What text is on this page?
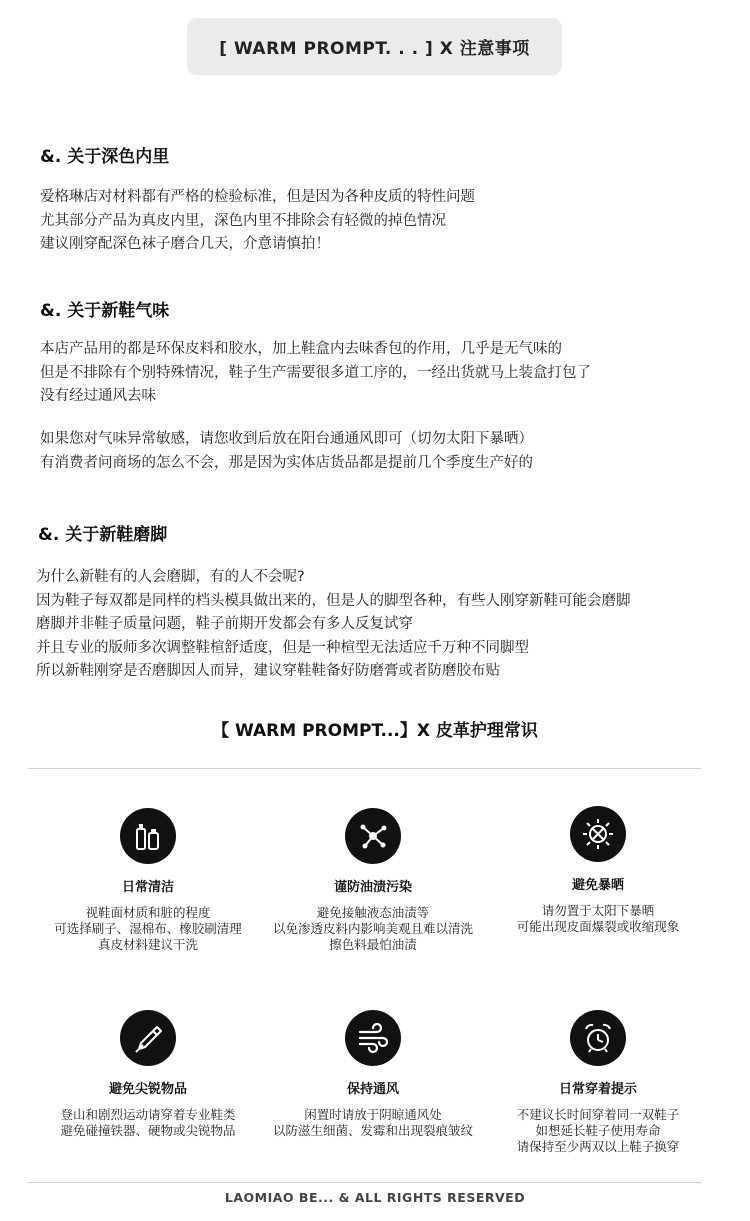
[ WARM PROMPT. . . ] X 注意事项
&. 关于深色内里
爱格琳店对材料都有严格的检验标准，但是因为各种皮质的特性问题
尤其部分产品为真皮内里，深色内里不排除会有轻微的掉色情况
建议刚穿配深色袜子磨合几天，介意请慎拍！
&. 关于新鞋气味
本店产品用的都是环保皮料和胶水，加上鞋盒内去味香包的作用，几乎是无气味的
但是不排除有个别特殊情况，鞋子生产需要很多道工序的，一经出货就马上装盒打包了
没有经过通风去味
如果您对气味异常敏感，请您收到后放在阳台通通风即可（切勿太阳下暴晒）
有消费者问商场的怎么不会，那是因为实体店货品都是提前几个季度生产好的
&. 关于新鞋磨脚
为什么新鞋有的人会磨脚，有的人不会呢?
因为鞋子每双都是同样的档头模具做出来的，但是人的脚型各种，有些人刚穿新鞋可能会磨脚
磨脚并非鞋子质量问题，鞋子前期开发都会有多人反复试穿
并且专业的版师多次调整鞋楦舒适度，但是一种楦型无法适应千万种不同脚型
所以新鞋刚穿是否磨脚因人而异，建议穿鞋鞋备好防磨膏或者防磨胶布贴
【 WARM PROMPT...】X 皮革护理常识
日常清洁
视鞋面材质和脏的程度
可选择刷子、湿棉布、橡胶刷清理
真皮材料建议干洗
谨防油渍污染
避免接触液态油渍等
以免渗透皮料内影响美观且难以清洗
擦色料最怕油渍
避免暴晒
请勿置于太阳下暴晒
可能出现皮面爆裂或收缩现象
避免尖锐物品
登山和剧烈运动请穿着专业鞋类
避免碰撞铁器、硬物或尖锐物品
保持通风
闲置时请放于阴晾通风处
以防滋生细菌、发霉和出现裂痕皱纹
日常穿着提示
不建议长时间穿着同一双鞋子
如想延长鞋子使用寿命
请保持至少两双以上鞋子换穿
LAOMIAO BE... & ALL RIGHTS RESERVED
